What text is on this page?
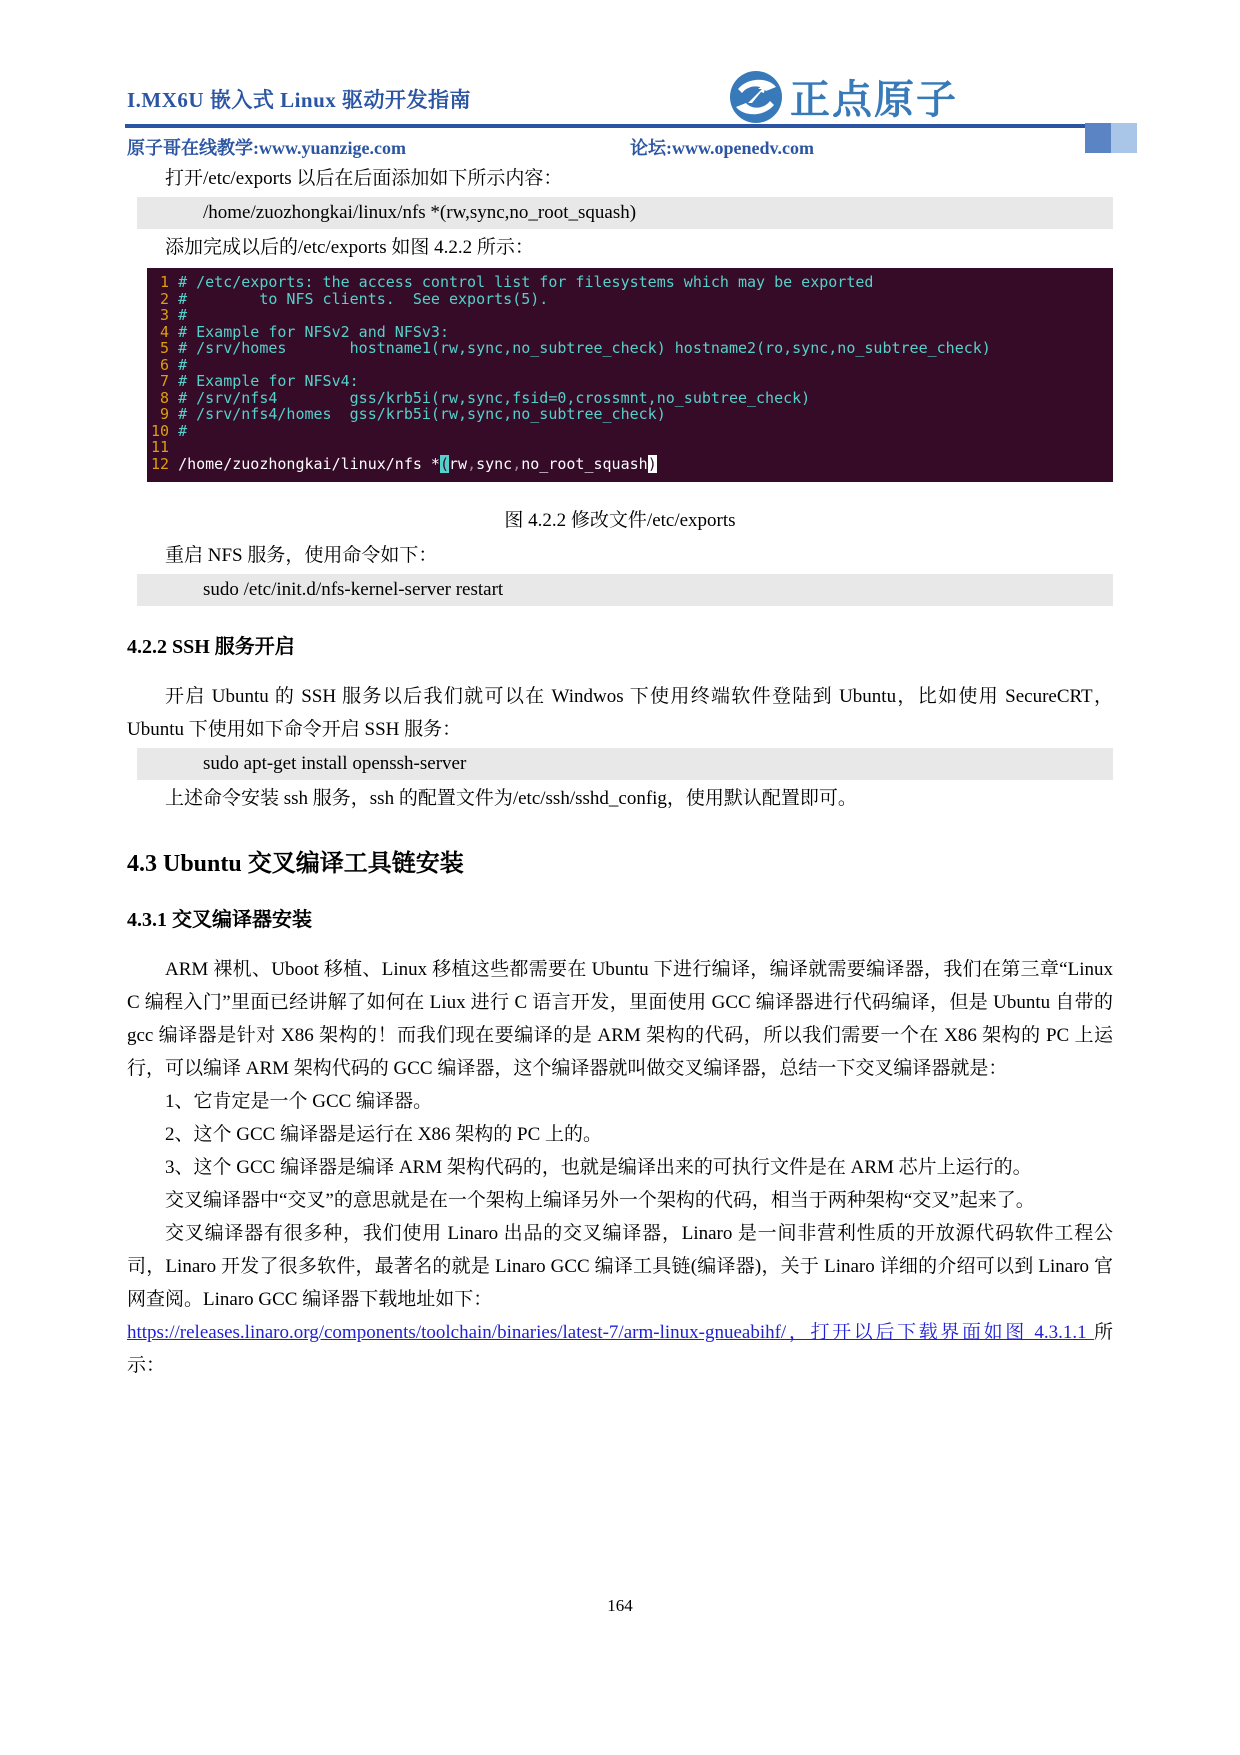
I.MX6U 嵌入式 Linux 驱动开发指南	正点原子
原子哥在线教学:www.yuanzige.com	论坛:www.openedv.com

打开/etc/exports 以后在后面添加如下所示内容：

/home/zuozhongkai/linux/nfs *(rw,sync,no_root_squash)

添加完成以后的/etc/exports 如图 4.2.2 所示：

1 # /etc/exports: the access control list for filesystems which may be exported
2 #        to NFS clients.  See exports(5).
3 #
4 # Example for NFSv2 and NFSv3:
5 # /srv/homes       hostname1(rw,sync,no_subtree_check) hostname2(ro,sync,no_subtree_check)
6 #
7 # Example for NFSv4:
8 # /srv/nfs4        gss/krb5i(rw,sync,fsid=0,crossmnt,no_subtree_check)
9 # /srv/nfs4/homes  gss/krb5i(rw,sync,no_subtree_check)
10 #
11
12 /home/zuozhongkai/linux/nfs *(rw,sync,no_root_squash)

图 4.2.2 修改文件/etc/exports

重启 NFS 服务，使用命令如下：

sudo /etc/init.d/nfs-kernel-server restart
4.2.2 SSH 服务开启

开启 Ubuntu 的 SSH 服务以后我们就可以在 Windwos 下使用终端软件登陆到 Ubuntu，比如使用 SecureCRT，Ubuntu 下使用如下命令开启 SSH 服务：

sudo apt-get install openssh-server

上述命令安装 ssh 服务，ssh 的配置文件为/etc/ssh/sshd_config，使用默认配置即可。

4.3 Ubuntu 交叉编译工具链安装
4.3.1 交叉编译器安装

ARM 裸机、Uboot 移植、Linux 移植这些都需要在 Ubuntu 下进行编译，编译就需要编译器，我们在第三章“Linux C 编程入门”里面已经讲解了如何在 Liux 进行 C 语言开发，里面使用 GCC 编译器进行代码编译，但是 Ubuntu 自带的 gcc 编译器是针对 X86 架构的！而我们现在要编译的是 ARM 架构的代码，所以我们需要一个在 X86 架构的 PC 上运行，可以编译 ARM 架构代码的 GCC 编译器，这个编译器就叫做交叉编译器，总结一下交叉编译器就是：

1、它肯定是一个 GCC 编译器。

2、这个 GCC 编译器是运行在 X86 架构的 PC 上的。

3、这个 GCC 编译器是编译 ARM 架构代码的，也就是编译出来的可执行文件是在 ARM 芯片上运行的。

交叉编译器中“交叉”的意思就是在一个架构上编译另外一个架构的代码，相当于两种架构“交叉”起来了。

交叉编译器有很多种，我们使用 Linaro 出品的交叉编译器，Linaro 是一间非营利性质的开放源代码软件工程公司，Linaro 开发了很多软件，最著名的就是 Linaro GCC 编译工具链(编译器)，关于 Linaro 详细的介绍可以到 Linaro 官网查阅。Linaro GCC 编译器下载地址如下：

https://releases.linaro.org/components/toolchain/binaries/latest-7/arm-linux-gnueabihf/，打开以后下载界面如图 4.3.1.1 所示：

164
